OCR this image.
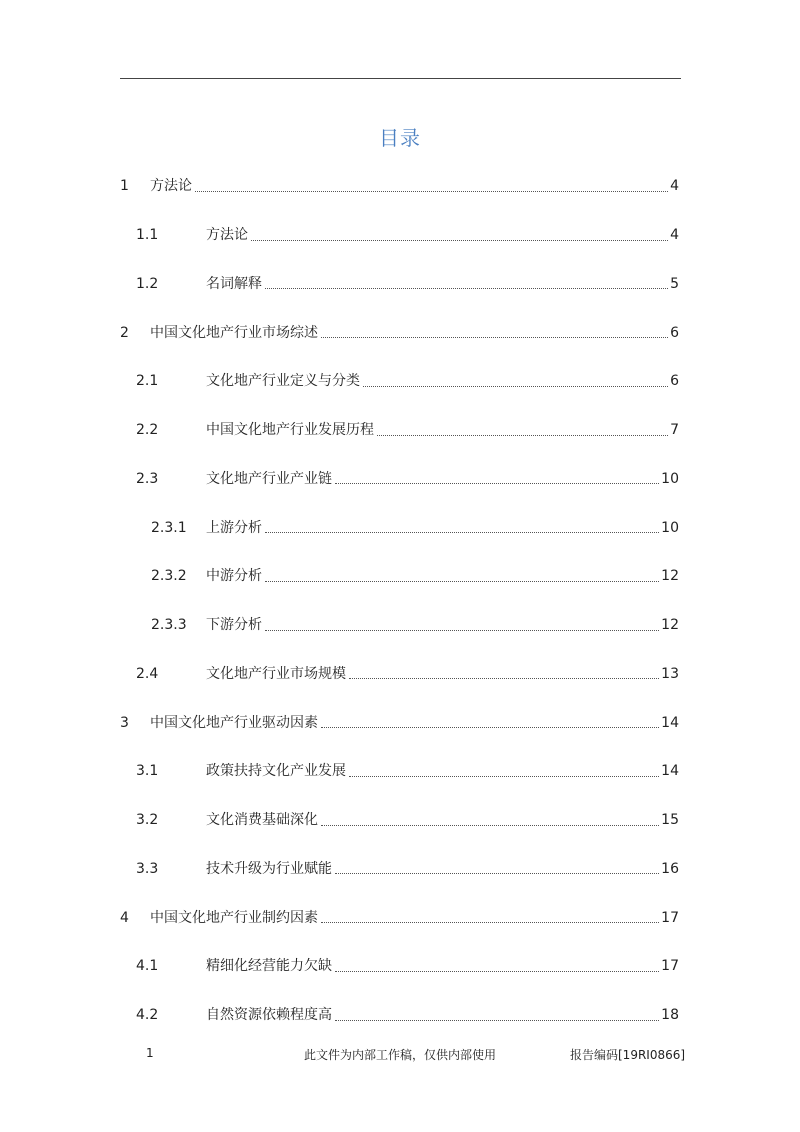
目录
1	方法论	4
1.1	方法论	4
1.2	名词解释	5
2	中国文化地产行业市场综述	6
2.1	文化地产行业定义与分类	6
2.2	中国文化地产行业发展历程	7
2.3	文化地产行业产业链	10
2.3.1	上游分析	10
2.3.2	中游分析	12
2.3.3	下游分析	12
2.4	文化地产行业市场规模	13
3	中国文化地产行业驱动因素	14
3.1	政策扶持文化产业发展	14
3.2	文化消费基础深化	15
3.3	技术升级为行业赋能	16
4	中国文化地产行业制约因素	17
4.1	精细化经营能力欠缺	17
4.2	自然资源依赖程度高	18
1	此文件为内部工作稿，仅供内部使用	报告编码[19RI0866]
